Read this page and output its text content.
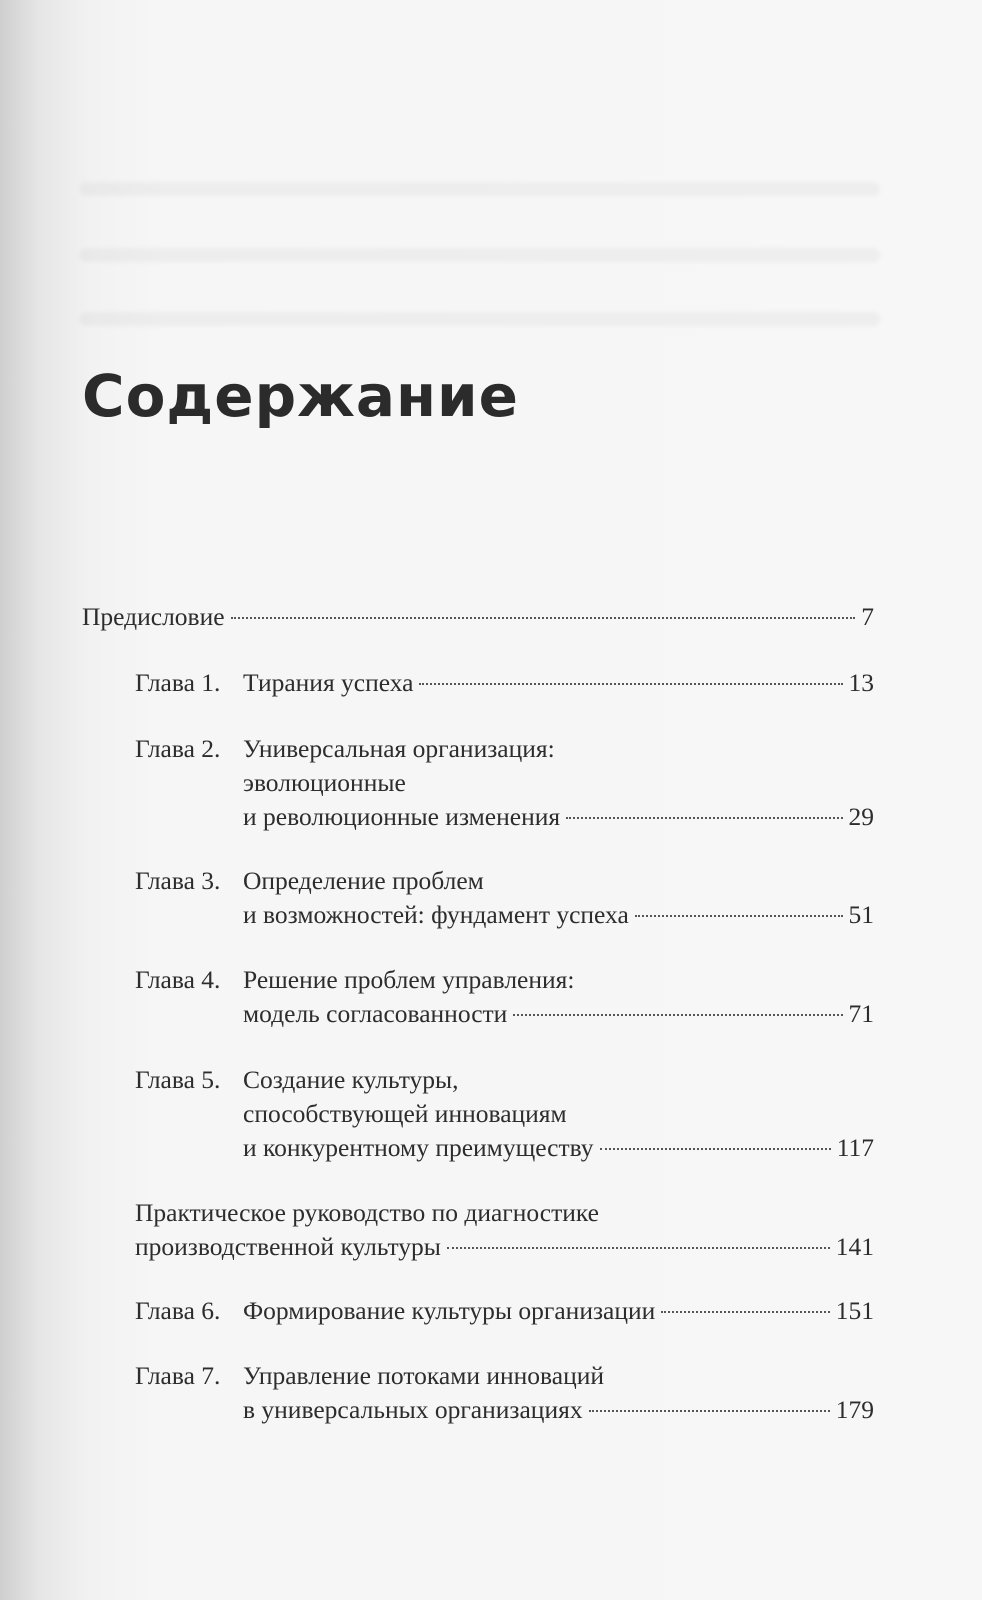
Содержание
Предисловие	7
Глава 1. Тирания успеха	13
Глава 2. Универсальная организация:
эволюционные
и революционные изменения	29
Глава 3. Определение проблем
и возможностей: фундамент успеха	51
Глава 4. Решение проблем управления:
модель согласованности	71
Глава 5. Создание культуры,
способствующей инновациям
и конкурентному преимуществу	117
Практическое руководство по диагностике
производственной культуры	141
Глава 6. Формирование культуры организации	151
Глава 7. Управление потоками инноваций
в универсальных организациях	179
